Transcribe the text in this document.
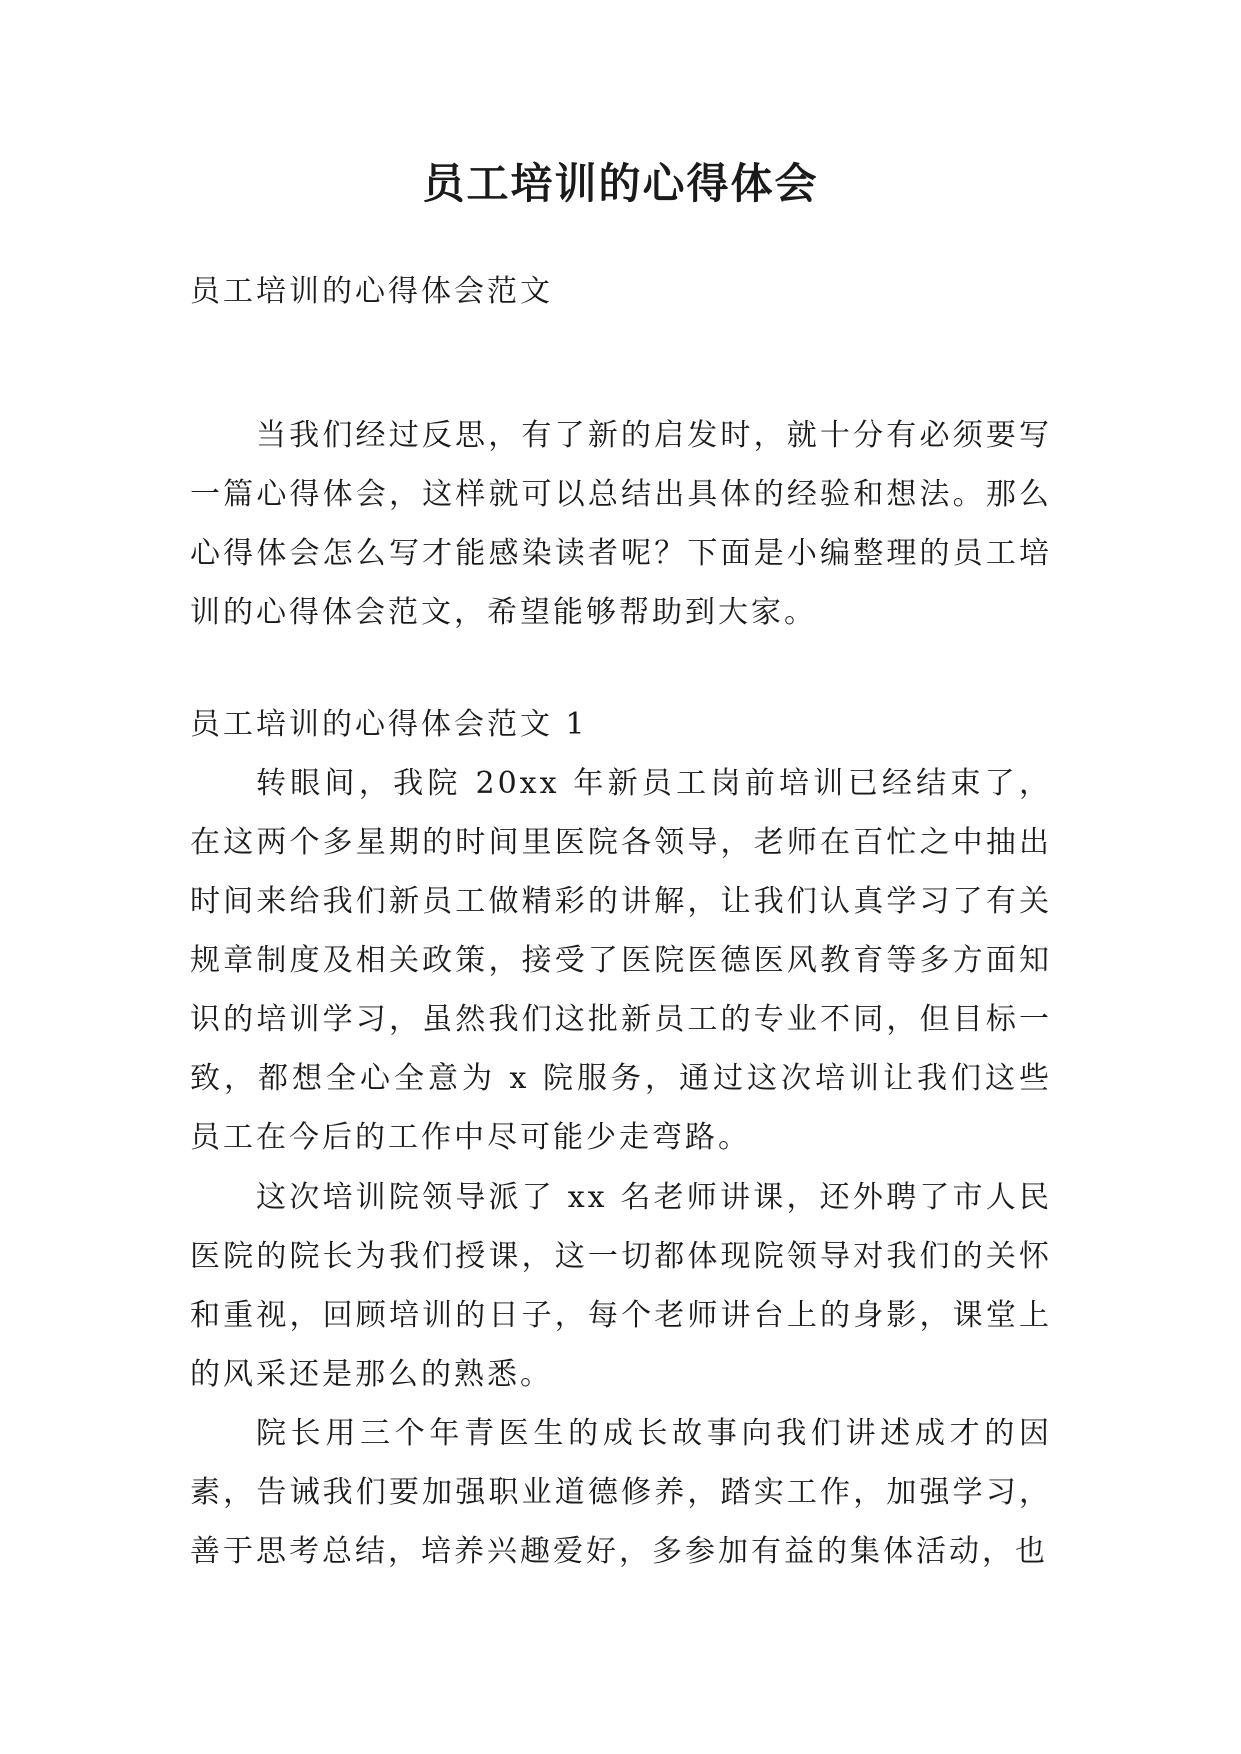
员工培训的心得体会

员工培训的心得体会范文

当我们经过反思，有了新的启发时，就十分有必须要写一篇心得体会，这样就可以总结出具体的经验和想法。那么心得体会怎么写才能感染读者呢？下面是小编整理的员工培训的心得体会范文，希望能够帮助到大家。

员工培训的心得体会范文 1

转眼间，我院 20xx 年新员工岗前培训已经结束了，在这两个多星期的时间里医院各领导，老师在百忙之中抽出时间来给我们新员工做精彩的讲解，让我们认真学习了有关规章制度及相关政策，接受了医院医德医风教育等多方面知识的培训学习，虽然我们这批新员工的专业不同，但目标一致，都想全心全意为 x 院服务，通过这次培训让我们这些员工在今后的工作中尽可能少走弯路。

这次培训院领导派了 xx 名老师讲课，还外聘了市人民医院的院长为我们授课，这一切都体现院领导对我们的关怀和重视，回顾培训的日子，每个老师讲台上的身影，课堂上的风采还是那么的熟悉。

院长用三个年青医生的成长故事向我们讲述成才的因素，告诫我们要加强职业道德修养，踏实工作，加强学习，善于思考总结，培养兴趣爱好，多参加有益的集体活动，也
